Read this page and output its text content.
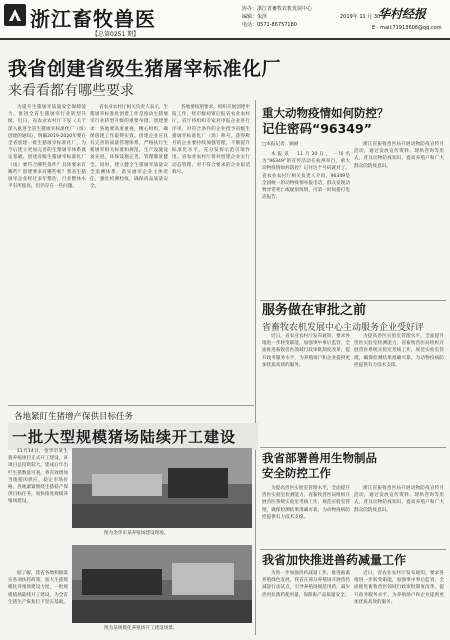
浙江畜牧兽医
【总第0251 期】
协办：浙江省畜牧农机发展中心
编辑：朱泽
电话：0571-86757180
2019年 11 月 30 日
华村经报
E - mail:71913608@qq.com
我省创建省级生猪屠宰标准化厂
来看看都有哪些要求

为提升生猪屠宰质量安全保障能力，推进全省生猪屠宰行业转型升级，近日，省农业农村厅下发《关于深入推进全省生猪屠宰标准化厂（场）创建的通知》，明确2019-2020年要在全省创建一批生猪屠宰标准化厂，为今后建立更加完善的生猪屠宰体系奠定基础。创建省级生猪屠宰标准化厂（场）要符合哪些条件？具体要求有哪些？创建要求有哪些呢？我省生猪屠宰企业经过多年整治，行业整体水平有所提高，但仍存在一些问题。

省农业农村厅相关负责人表示，生猪屠宰标准化创建工作是推动生猪屠宰行业转型升级的重要举措。创建要求：各地要高度重视，精心组织，确保创建工作取得实效。创建企业应具有完善的质量管理体系，严格执行生猪屠宰相关标准和规范，生产设施设备先进，环保设施完善，管理制度健全。同时，建立健全生猪屠宰质量安全追溯体系，落实屠宰企业主体责任，强化检测检疫，确保肉品质量安全。

各地要按照要求，组织开展创建申报工作，经市级初审后报省农业农村厅。省厅将组织专家对申报企业进行评审，对符合条件的企业授予省级生猪屠宰标准化厂（场）称号。获得称号的企业要持续加强管理，不断提升标准化水平，充分发挥示范引领作用。省农业农村厅将对创建企业实行动态管理，对不符合要求的企业取消称号。

重大动物疫情如何防控？
记住密码“96349”
□本报记者　顾丽

本报讯　11月20日，一场名为“96349”的宣传活动在杭州举行。重大动物疫情如何防控？记住这个号码就对了。省农业农村厅相关负责人介绍，96349是全国统一的动物疫情举报电话，群众发现动物异常死亡或疑似疫情，可第一时间拨打电话报告。

浙江省畜牧兽医局开展动物防疫宣传月活动，通过发放宣传资料、现场咨询等形式，普及动物防疫知识，提高养殖户和广大群众的防疫意识。

服务做在审批之前
省畜牧农机发展中心主动服务企业受好评

近日，省农业农村厅发布通知，要求各地进一步转变职能，加强事中事后监管，全面推进畜牧兽医领域行政审批制度改革，提升政务服务水平，为养殖场户和企业提供更加优质高效的服务。

为提高兽医实验室管理水平，全面提升兽医实验室检测能力，省畜牧兽医局组织开展兽医系统实验室考核工作，规范实验室管理，确保检测结果准确可靠，为动物疫病防控提供有力技术支撑。

我省部署兽用生物制品
安全防控工作

为提高兽医实验室管理水平，全面提升兽医实验室检测能力，省畜牧兽医局组织开展兽医系统实验室考核工作，规范实验室管理，确保检测结果准确可靠，为动物疫病防控提供有力技术支撑。

浙江省畜牧兽医局开展动物防疫宣传月活动，通过发放宣传资料、现场咨询等形式，普及动物防疫知识，提高养殖户和广大群众的防疫意识。

我省加快推进兽药减量工作

为进一步加强兽药减量工作，推进畜禽养殖绿色发展，我省在部分养殖场开展兽药减量行动试点，引导养殖场规范用药，减少兽用抗菌药使用量，保障畜产品质量安全。

近日，省农业农村厅发布通知，要求各地进一步转变职能，加强事中事后监管，全面推进畜牧兽医领域行政审批制度改革，提升政务服务水平，为养殖场户和企业提供更加优质高效的服务。

各地紧盯生猪增产保供目标任务
一批大型规模猪场陆续开工建设

11月14日，金华市某生猪养殖项目正式开工建设。该项目总投资较大，建成后年出栏生猪数量可观，将有效增加当地猪肉供应，稳定市场价格。各地紧紧围绕生猪稳产保供目标任务，加快推进规模养殖场建设。

据了解，我省各地积极落实各项扶持政策，加大生猪规模化养殖场建设力度，一批规模猪场陆续开工建设，为全省生猪生产恢复打下坚实基础。

图为金华市某养殖场建设现场。
图为某规模化养殖场开工建设场景。
